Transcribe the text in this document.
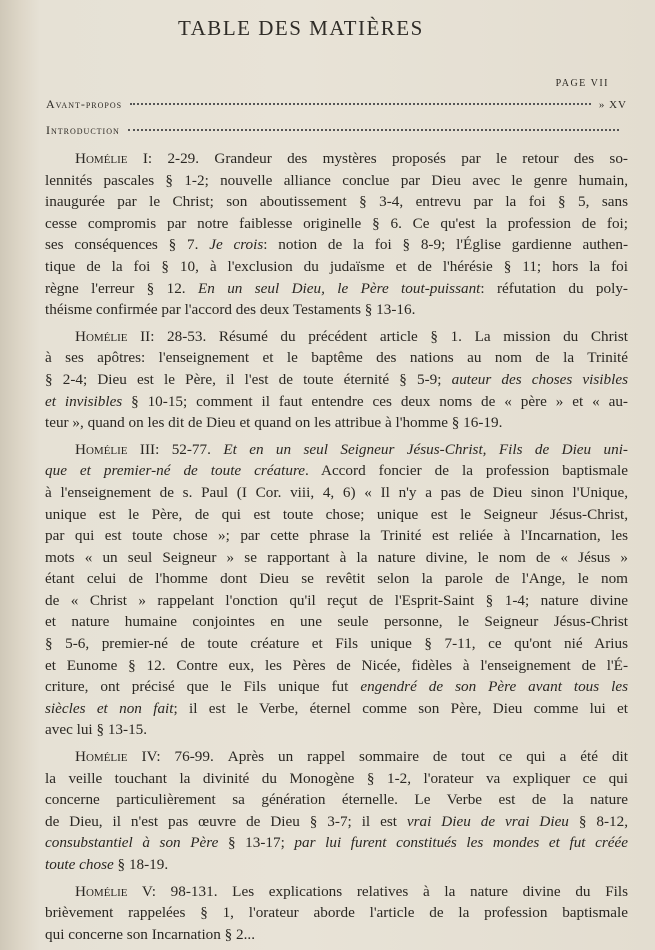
TABLE DES MATIÈRES
PAGE VII
Avant-propos	» XV
Introduction
Homélie I: 2-29. Grandeur des mystères proposés par le retour des so-
lennités pascales § 1-2; nouvelle alliance conclue par Dieu avec le genre humain,
inaugurée par le Christ; son aboutissement § 3-4, entrevu par la foi § 5, sans
cesse compromis par notre faiblesse originelle § 6. Ce qu'est la profession de foi;
ses conséquences § 7. Je crois: notion de la foi § 8-9; l'Église gardienne authen-
tique de la foi § 10, à l'exclusion du judaïsme et de l'hérésie § 11; hors la foi
règne l'erreur § 12. En un seul Dieu, le Père tout-puissant: réfutation du poly-
théisme confirmée par l'accord des deux Testaments § 13-16.
Homélie II: 28-53. Résumé du précédent article § 1. La mission du Christ
à ses apôtres: l'enseignement et le baptême des nations au nom de la Trinité
§ 2-4; Dieu est le Père, il l'est de toute éternité § 5-9; auteur des choses visibles
et invisibles § 10-15; comment il faut entendre ces deux noms de « père » et « au-
teur », quand on les dit de Dieu et quand on les attribue à l'homme § 16-19.
Homélie III: 52-77. Et en un seul Seigneur Jésus-Christ, Fils de Dieu uni-
que et premier-né de toute créature. Accord foncier de la profession baptismale
à l'enseignement de s. Paul (I Cor. viii, 4, 6) « Il n'y a pas de Dieu sinon l'Unique,
unique est le Père, de qui est toute chose; unique est le Seigneur Jésus-Christ,
par qui est toute chose »; par cette phrase la Trinité est reliée à l'Incarnation, les
mots « un seul Seigneur » se rapportant à la nature divine, le nom de « Jésus »
étant celui de l'homme dont Dieu se revêtit selon la parole de l'Ange, le nom
de « Christ » rappelant l'onction qu'il reçut de l'Esprit-Saint § 1-4; nature divine
et nature humaine conjointes en une seule personne, le Seigneur Jésus-Christ
§ 5-6, premier-né de toute créature et Fils unique § 7-11, ce qu'ont nié Arius
et Eunome § 12. Contre eux, les Pères de Nicée, fidèles à l'enseignement de l'É-
criture, ont précisé que le Fils unique fut engendré de son Père avant tous les
siècles et non fait; il est le Verbe, éternel comme son Père, Dieu comme lui et
avec lui § 13-15.
Homélie IV: 76-99. Après un rappel sommaire de tout ce qui a été dit
la veille touchant la divinité du Monogène § 1-2, l'orateur va expliquer ce qui
concerne particulièrement sa génération éternelle. Le Verbe est de la nature
de Dieu, il n'est pas œuvre de Dieu § 3-7; il est vrai Dieu de vrai Dieu § 8-12,
consubstantiel à son Père § 13-17; par lui furent constitués les mondes et fut créée
toute chose § 18-19.
Homélie V: 98-131. Les explications relatives à la nature divine du Fils
brièvement rappelées § 1, l'orateur aborde l'article de la profession baptismale
qui concerne son Incarnation § 2...
